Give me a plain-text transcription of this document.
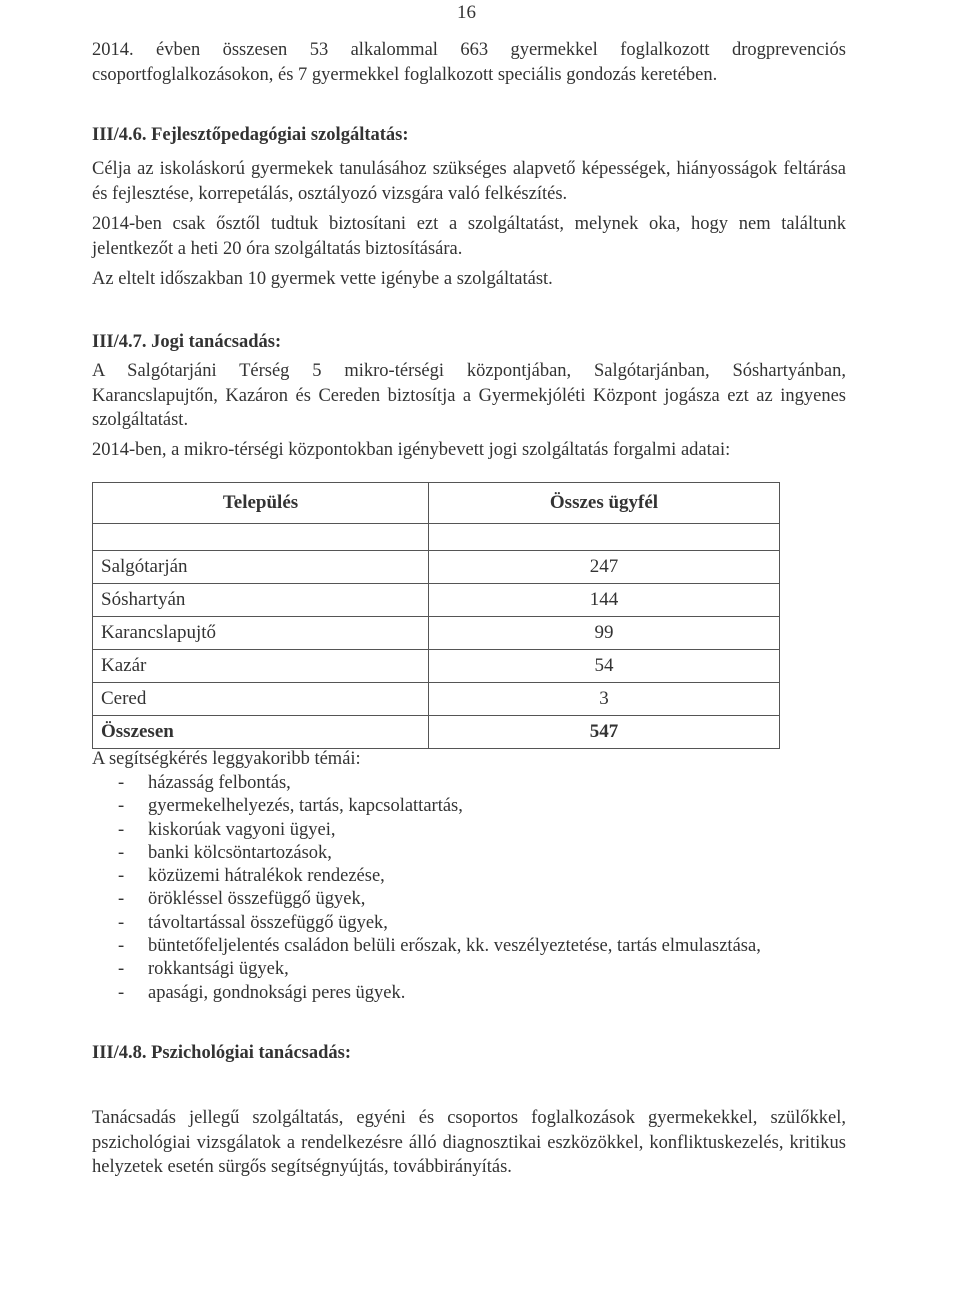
16
2014. évben összesen 53 alkalommal 663 gyermekkel foglalkozott drogprevenciós csoportfoglalkozásokon, és 7 gyermekkel foglalkozott speciális gondozás keretében.
III/4.6. Fejlesztőpedagógiai szolgáltatás:
Célja az iskoláskorú gyermekek tanulásához szükséges alapvető képességek, hiányosságok feltárása és fejlesztése, korrepetálás, osztályozó vizsgára való felkészítés.
2014-ben csak ősztől tudtuk biztosítani ezt a szolgáltatást, melynek oka, hogy nem találtunk jelentkezőt a heti 20 óra szolgáltatás biztosítására.
Az eltelt időszakban 10 gyermek vette igénybe a szolgáltatást.
III/4.7. Jogi tanácsadás:
A Salgótarjáni Térség 5 mikro-térségi központjában, Salgótarjánban, Sóshartyánban, Karancslapujtőn, Kazáron és Cereden biztosítja a Gyermekjóléti Központ jogásza ezt az ingyenes szolgáltatást.
2014-ben, a mikro-térségi központokban igénybevett jogi szolgáltatás forgalmi adatai:
Település	Összes ügyfél

Salgótarján	247
Sóshartyán	144
Karancslapujtő	99
Kazár	54
Cered	3
Összesen	547
A segítségkérés leggyakoribb témái:
- házasság felbontás,
- gyermekelhelyezés, tartás, kapcsolattartás,
- kiskorúak vagyoni ügyei,
- banki kölcsöntartozások,
- közüzemi hátralékok rendezése,
- örökléssel összefüggő ügyek,
- távoltartással összefüggő ügyek,
- büntetőfeljelentés családon belüli erőszak, kk. veszélyeztetése, tartás elmulasztása,
- rokkantsági ügyek,
- apasági, gondnoksági peres ügyek.
III/4.8. Pszichológiai tanácsadás:
Tanácsadás jellegű szolgáltatás, egyéni és csoportos foglalkozások gyermekekkel, szülőkkel, pszichológiai vizsgálatok a rendelkezésre álló diagnosztikai eszközökkel, konfliktuskezelés, kritikus helyzetek esetén sürgős segítségnyújtás, továbbirányítás.
